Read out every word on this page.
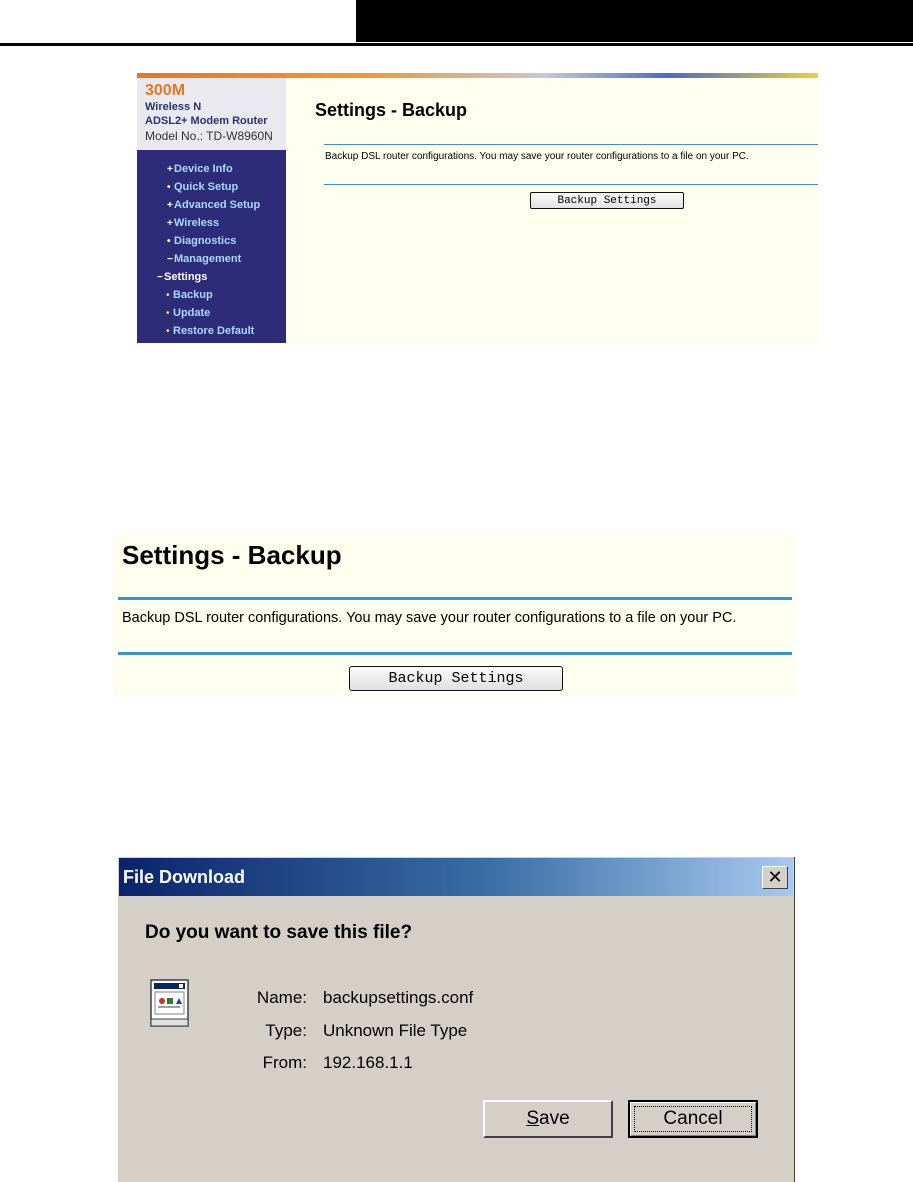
300M
Wireless N
ADSL2+ Modem Router
Model No.: TD-W8960N
+Device Info
• Quick Setup
+Advanced Setup
+Wireless
• Diagnostics
−Management
−Settings
• Backup
• Update
• Restore Default
Settings - Backup
Backup DSL router configurations. You may save your router configurations to a file on your PC.
Backup Settings
Settings - Backup
Backup DSL router configurations. You may save your router configurations to a file on your PC.
Backup Settings
File Download	✕
Do you want to save this file?
Name: backupsettings.conf
Type: Unknown File Type
From: 192.168.1.1
Save	Cancel
